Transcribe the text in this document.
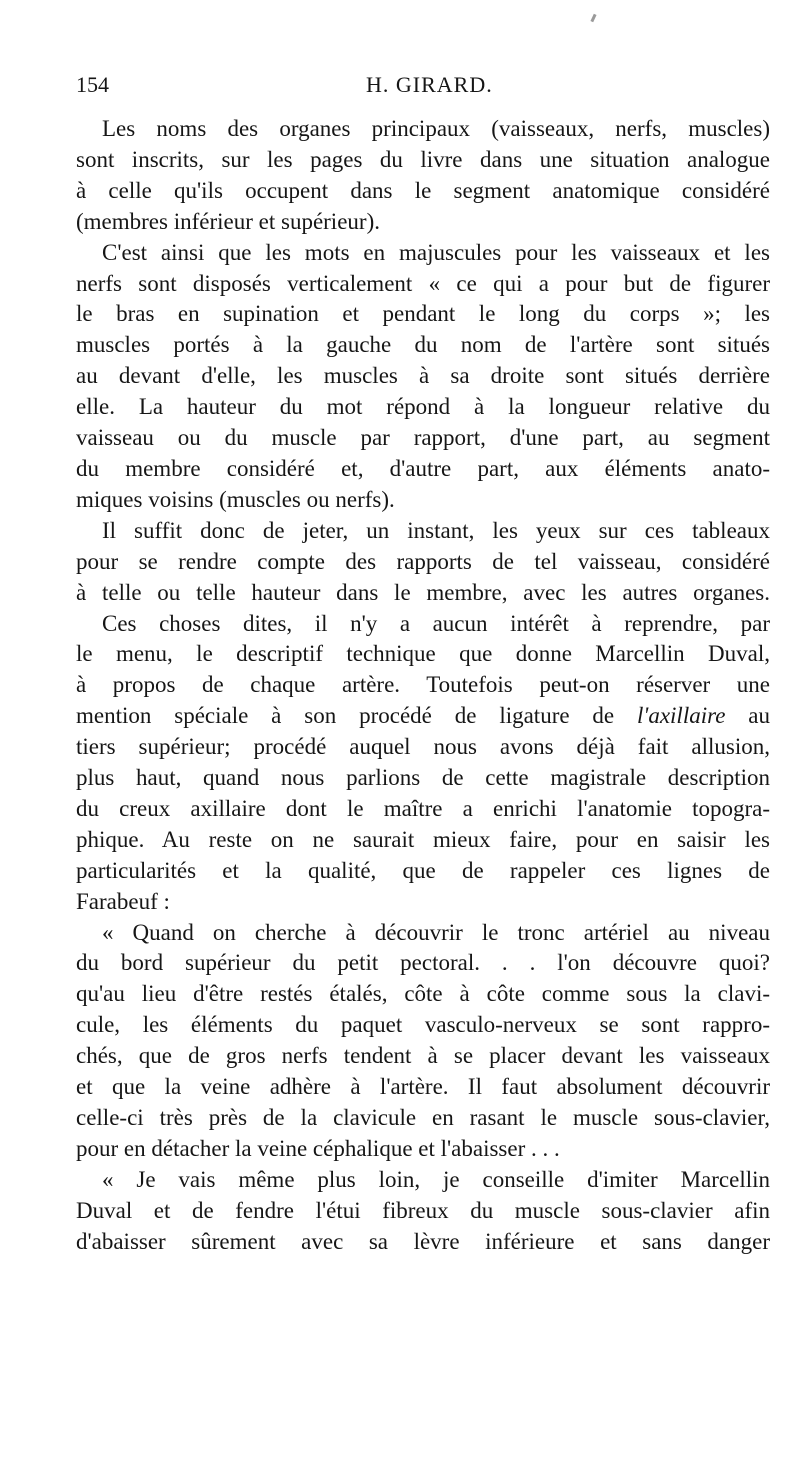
154	H. GIRARD.

Les noms des organes principaux (vaisseaux, nerfs, muscles)
sont inscrits, sur les pages du livre dans une situation analogue
à celle qu'ils occupent dans le segment anatomique considéré
(membres inférieur et supérieur).

C'est ainsi que les mots en majuscules pour les vaisseaux et les
nerfs sont disposés verticalement « ce qui a pour but de figurer
le bras en supination et pendant le long du corps »; les
muscles portés à la gauche du nom de l'artère sont situés
au devant d'elle, les muscles à sa droite sont situés derrière
elle. La hauteur du mot répond à la longueur relative du
vaisseau ou du muscle par rapport, d'une part, au segment
du membre considéré et, d'autre part, aux éléments anato-
miques voisins (muscles ou nerfs).

Il suffit donc de jeter, un instant, les yeux sur ces tableaux
pour se rendre compte des rapports de tel vaisseau, considéré
à telle ou telle hauteur dans le membre, avec les autres organes.

Ces choses dites, il n'y a aucun intérêt à reprendre, par
le menu, le descriptif technique que donne Marcellin Duval,
à propos de chaque artère. Toutefois peut-on réserver une
mention spéciale à son procédé de ligature de l'axillaire au
tiers supérieur; procédé auquel nous avons déjà fait allusion,
plus haut, quand nous parlions de cette magistrale description
du creux axillaire dont le maître a enrichi l'anatomie topogra-
phique. Au reste on ne saurait mieux faire, pour en saisir les
particularités et la qualité, que de rappeler ces lignes de
Farabeuf :

« Quand on cherche à découvrir le tronc artériel au niveau
du bord supérieur du petit pectoral. . . l'on découvre quoi?
qu'au lieu d'être restés étalés, côte à côte comme sous la clavi-
cule, les éléments du paquet vasculo-nerveux se sont rappro-
chés, que de gros nerfs tendent à se placer devant les vaisseaux
et que la veine adhère à l'artère. Il faut absolument découvrir
celle-ci très près de la clavicule en rasant le muscle sous-clavier,
pour en détacher la veine céphalique et l'abaisser . . .

« Je vais même plus loin, je conseille d'imiter Marcellin
Duval et de fendre l'étui fibreux du muscle sous-clavier afin
d'abaisser sûrement avec sa lèvre inférieure et sans danger
